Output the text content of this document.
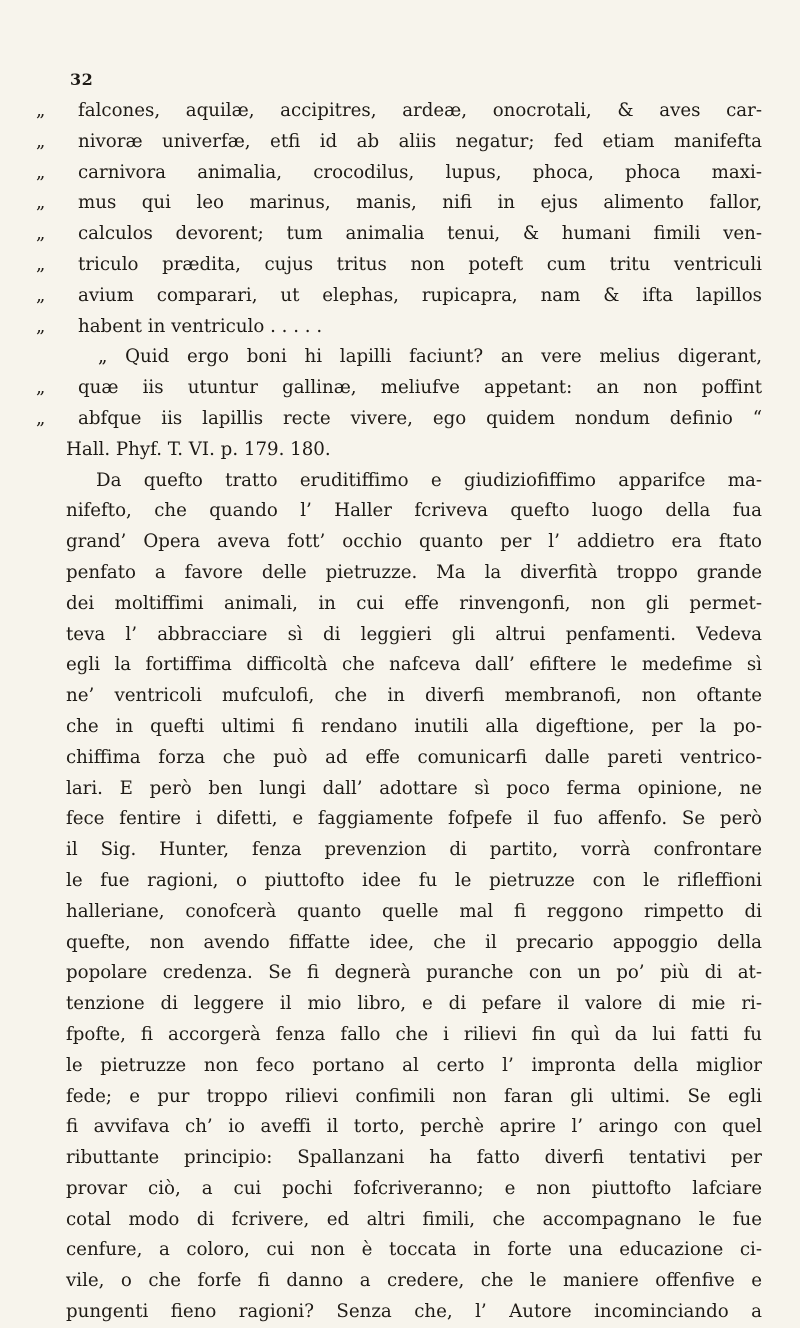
32
„	falcones, aquilæ, accipitres, ardeæ, onocrotali, & aves car-
„	nivoræ univerfæ, etfi id ab aliis negatur; fed etiam manifefta
„	carnivora animalia, crocodilus, lupus, phoca, phoca maxi-
„	mus qui leo marinus, manis, nifi in ejus alimento fallor,
„	calculos devorent; tum animalia tenui, & humani fimili ven-
„	triculo prædita, cujus tritus non poteft cum tritu ventriculi
„	avium comparari, ut elephas, rupicapra, nam & ifta lapillos
„	habent in ventriculo . . . . .
„ Quid ergo boni hi lapilli faciunt? an vere melius digerant,
„	quæ iis utuntur gallinæ, meliufve appetant: an non poffint
„	abfque iis lapillis recte vivere, ego quidem nondum definio “
Hall. Phyf. T. VI. p. 179. 180.
Da quefto tratto eruditiffimo e giudiziofiffimo apparifce ma-
nifefto, che quando l’ Haller fcriveva quefto luogo della fua
grand’ Opera aveva fott’ occhio quanto per l’ addietro era ftato
penfato a favore delle pietruzze. Ma la diverfità troppo grande
dei moltiffimi animali, in cui effe rinvengonfi, non gli permet-
teva l’ abbracciare sì di leggieri gli altrui penfamenti. Vedeva
egli la fortiffima difficoltà che nafceva dall’ efiftere le medefime sì
ne’ ventricoli mufculofi, che in diverfi membranofi, non oftante
che in quefti ultimi fi rendano inutili alla digeftione, per la po-
chiffima forza che può ad effe comunicarfi dalle pareti ventrico-
lari. E però ben lungi dall’ adottare sì poco ferma opinione, ne
fece fentire i difetti, e faggiamente fofpefe il fuo affenfo. Se però
il Sig. Hunter, fenza prevenzion di partito, vorrà confrontare
le fue ragioni, o piuttofto idee fu le pietruzze con le rifleffioni
halleriane, conofcerà quanto quelle mal fi reggono rimpetto di
quefte, non avendo fiffatte idee, che il precario appoggio della
popolare credenza. Se fi degnerà puranche con un po’ più di at-
tenzione di leggere il mio libro, e di pefare il valore di mie ri-
fpofte, fi accorgerà fenza fallo che i rilievi fin quì da lui fatti fu
le pietruzze non feco portano al certo l’ impronta della miglior
fede; e pur troppo rilievi confimili non faran gli ultimi. Se egli
fi avvifava ch’ io aveffi il torto, perchè aprire l’ aringo con quel
ributtante principio: Spallanzani ha fatto diverfi tentativi per
provar ciò, a cui pochi fofcriveranno; e non piuttofto lafciare
cotal modo di fcrivere, ed altri fimili, che accompagnano le fue
cenfure, a coloro, cui non è toccata in forte una educazione ci-
vile, o che forfe fi danno a credere, che le maniere offenfive e
pungenti fieno ragioni? Senza che, l’ Autore incominciando a
